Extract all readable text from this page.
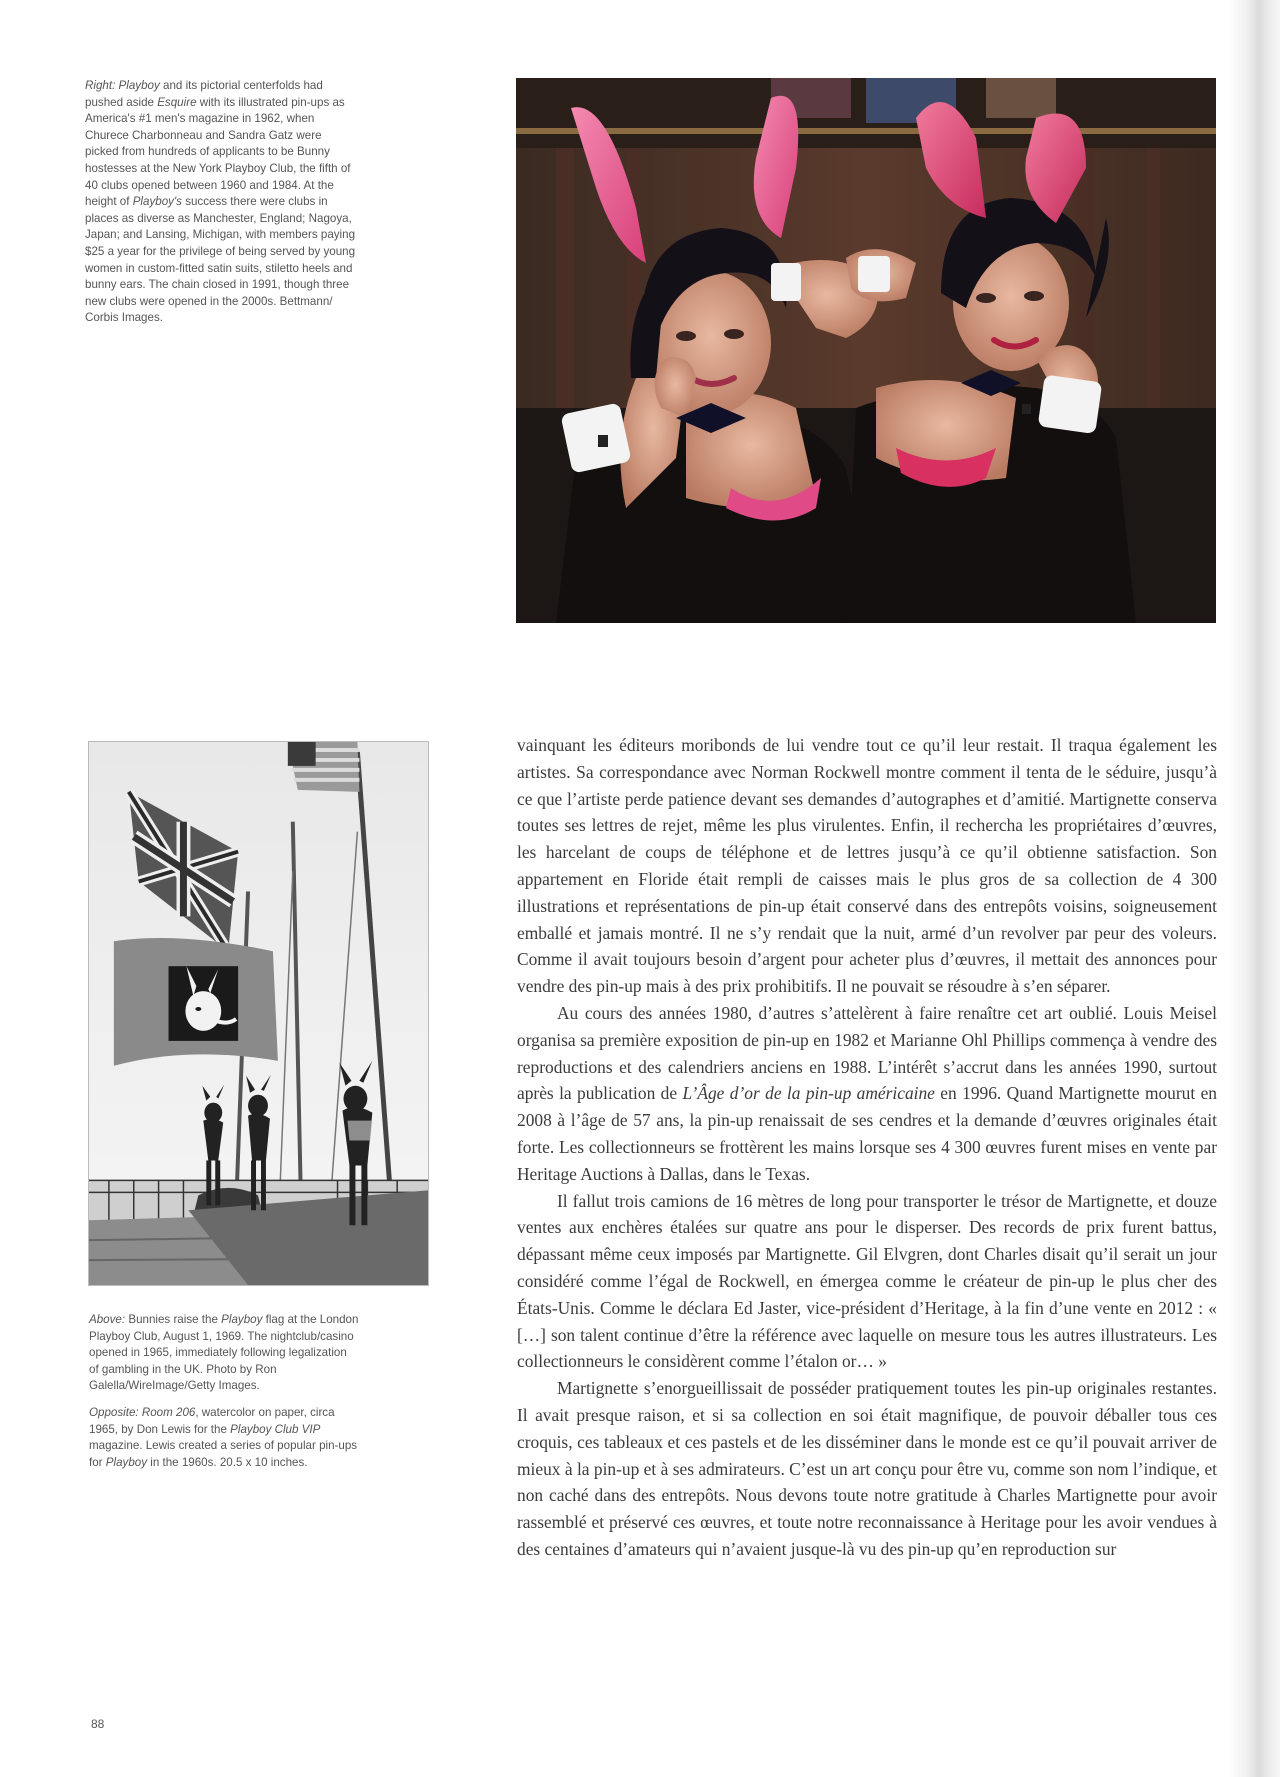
Right: Playboy and its pictorial centerfolds had pushed aside Esquire with its illustrated pin-ups as America's #1 men's magazine in 1962, when Churece Charbonneau and Sandra Gatz were picked from hundreds of applicants to be Bunny hostesses at the New York Playboy Club, the fifth of 40 clubs opened between 1960 and 1984. At the height of Playboy's success there were clubs in places as diverse as Manchester, England; Nagoya, Japan; and Lansing, Michigan, with members paying $25 a year for the privilege of being served by young women in custom-fitted satin suits, stiletto heels and bunny ears. The chain closed in 1991, though three new clubs were opened in the 2000s. Bettmann/ Corbis Images.

Above: Bunnies raise the Playboy flag at the London Playboy Club, August 1, 1969. The nightclub/casino opened in 1965, immediately following legalization of gambling in the UK. Photo by Ron Galella/WireImage/Getty Images.

Opposite: Room 206, watercolor on paper, circa 1965, by Don Lewis for the Playboy Club VIP magazine. Lewis created a series of popular pin-ups for Playboy in the 1960s. 20.5 x 10 inches.

vainquant les éditeurs moribonds de lui vendre tout ce qu’il leur restait. Il traqua également les artistes. Sa correspondance avec Norman Rockwell montre comment il tenta de le séduire, jusqu’à ce que l’artiste perde patience devant ses demandes d’autographes et d’amitié. Martignette conserva toutes ses lettres de rejet, même les plus virulentes. Enfin, il rechercha les propriétaires d’œuvres, les harcelant de coups de téléphone et de lettres jusqu’à ce qu’il obtienne satisfaction. Son appartement en Floride était rempli de caisses mais le plus gros de sa collection de 4 300 illustrations et représentations de pin-up était conservé dans des entrepôts voisins, soigneusement emballé et jamais montré. Il ne s’y rendait que la nuit, armé d’un revolver par peur des voleurs. Comme il avait toujours besoin d’argent pour acheter plus d’œuvres, il mettait des annonces pour vendre des pin-up mais à des prix prohibitifs. Il ne pouvait se résoudre à s’en séparer.

Au cours des années 1980, d’autres s’attelèrent à faire renaître cet art oublié. Louis Meisel organisa sa première exposition de pin-up en 1982 et Marianne Ohl Phillips commença à vendre des reproductions et des calendriers anciens en 1988. L’intérêt s’accrut dans les années 1990, surtout après la publication de L’Âge d’or de la pin-up américaine en 1996. Quand Martignette mourut en 2008 à l’âge de 57 ans, la pin-up renaissait de ses cendres et la demande d’œuvres originales était forte. Les collectionneurs se frottèrent les mains lorsque ses 4 300 œuvres furent mises en vente par Heritage Auctions à Dallas, dans le Texas.

Il fallut trois camions de 16 mètres de long pour transporter le trésor de Martignette, et douze ventes aux enchères étalées sur quatre ans pour le disperser. Des records de prix furent battus, dépassant même ceux imposés par Martignette. Gil Elvgren, dont Charles disait qu’il serait un jour considéré comme l’égal de Rockwell, en émergea comme le créateur de pin-up le plus cher des États-Unis. Comme le déclara Ed Jaster, vice-président d’Heritage, à la fin d’une vente en 2012 : « […] son talent continue d’être la référence avec laquelle on mesure tous les autres illustrateurs. Les collectionneurs le considèrent comme l’étalon or… »

Martignette s’enorgueillissait de posséder pratiquement toutes les pin-up originales restantes. Il avait presque raison, et si sa collection en soi était magnifique, de pouvoir déballer tous ces croquis, ces tableaux et ces pastels et de les disséminer dans le monde est ce qu’il pouvait arriver de mieux à la pin-up et à ses admirateurs. C’est un art conçu pour être vu, comme son nom l’indique, et non caché dans des entrepôts. Nous devons toute notre gratitude à Charles Martignette pour avoir rassemblé et préservé ces œuvres, et toute notre reconnaissance à Heritage pour les avoir vendues à des centaines d’amateurs qui n’avaient jusque-là vu des pin-up qu’en reproduction sur

88
